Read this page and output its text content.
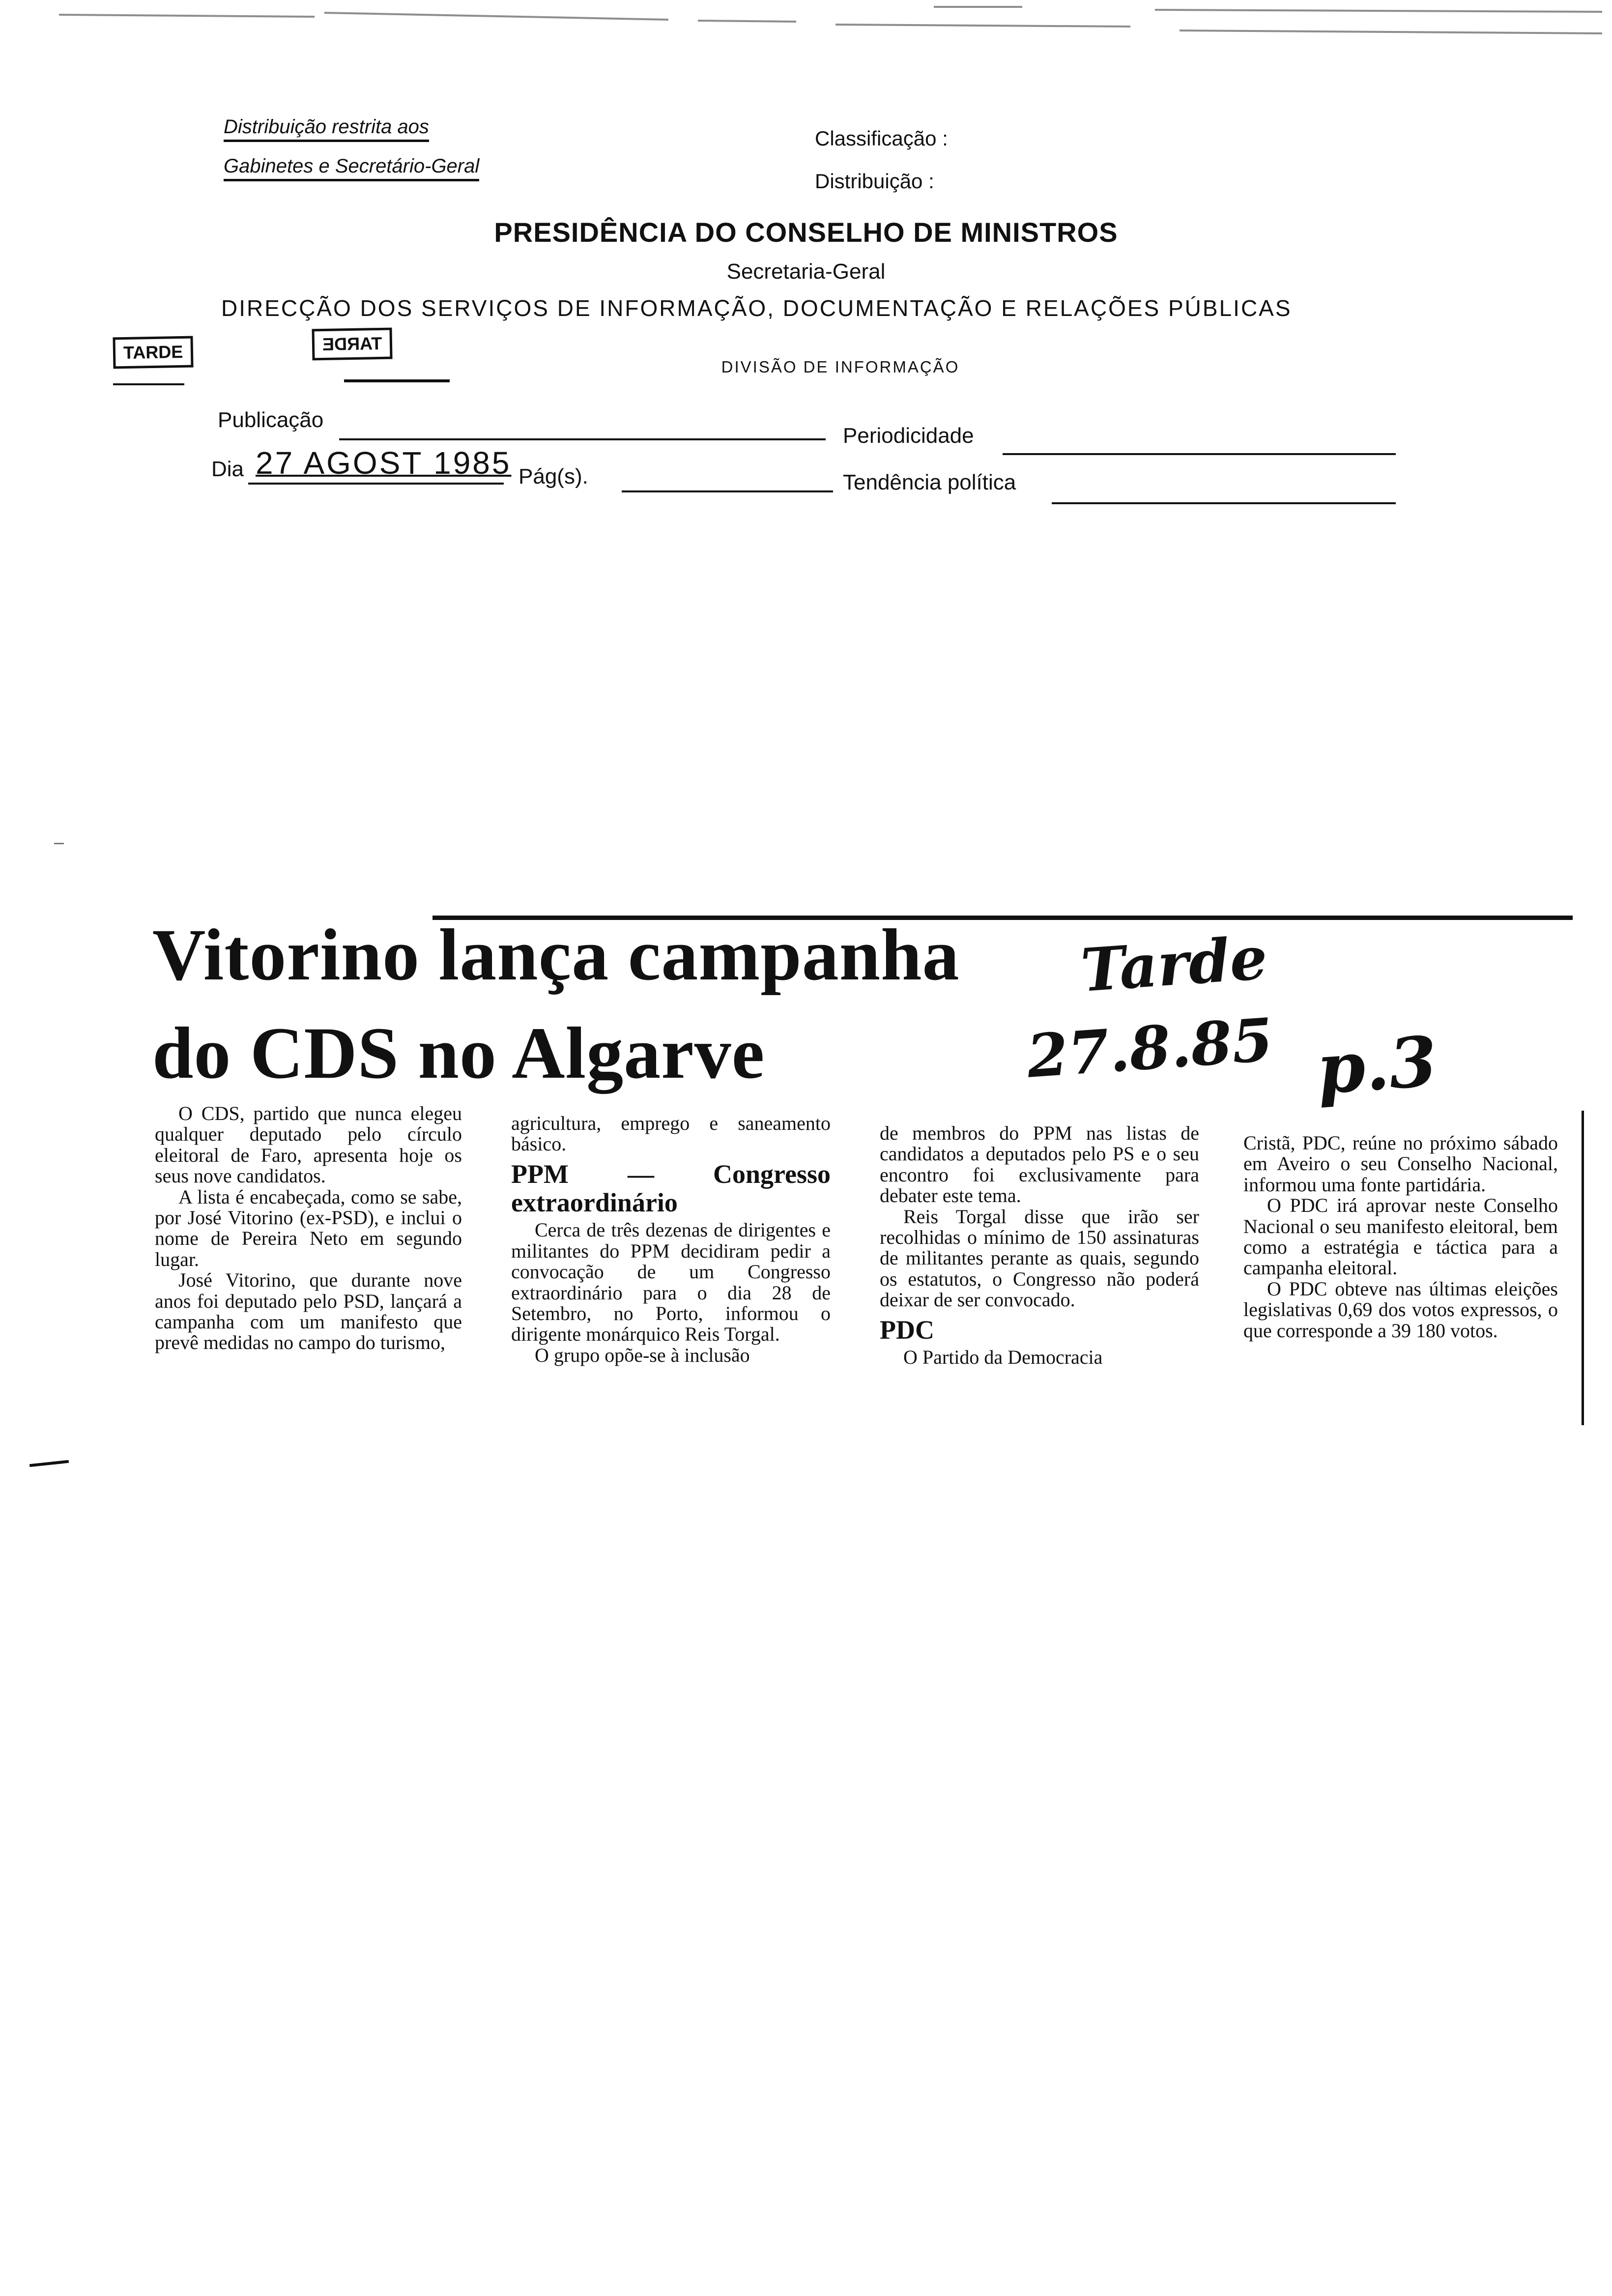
Distribuição restrita aos
Gabinetes e Secretário-Geral
Classificação :
Distribuição :
PRESIDÊNCIA DO CONSELHO DE MINISTROS
Secretaria-Geral
DIRECÇÃO DOS SERVIÇOS DE INFORMAÇÃO, DOCUMENTAÇÃO E RELAÇÕES PÚBLICAS
DIVISÃO DE INFORMAÇÃO
TARDE	TARDE
Publicação
Periodicidade
Dia 27 AGOST 1985 Pág(s).	Tendência política
Vitorino lança campanha
do CDS no Algarve
Tarde
27.8.85 p.3

O CDS, partido que nunca elegeu qualquer deputado pelo círculo eleitoral de Faro, apresenta hoje os seus nove candidatos.

A lista é encabeçada, como se sabe, por José Vitorino (ex-PSD), e inclui o nome de Pereira Neto em segundo lugar.

José Vitorino, que durante nove anos foi deputado pelo PSD, lançará a campanha com um manifesto que prevê medidas no campo do turismo,

agricultura, emprego e saneamento básico.

PPM — Congresso extraordinário

Cerca de três dezenas de dirigentes e militantes do PPM decidiram pedir a convocação de um Congresso extraordinário para o dia 28 de Setembro, no Porto, informou o dirigente monárquico Reis Torgal.

O grupo opõe-se à inclusão

de membros do PPM nas listas de candidatos a deputados pelo PS e o seu encontro foi exclusivamente para debater este tema.

Reis Torgal disse que irão ser recolhidas o mínimo de 150 assinaturas de militantes perante as quais, segundo os estatutos, o Congresso não poderá deixar de ser convocado.

PDC

O Partido da Democracia

Cristã, PDC, reúne no próximo sábado em Aveiro o seu Conselho Nacional, informou uma fonte partidária.

O PDC irá aprovar neste Conselho Nacional o seu manifesto eleitoral, bem como a estratégia e táctica para a campanha eleitoral.

O PDC obteve nas últimas eleições legislativas 0,69 dos votos expressos, o que corresponde a 39 180 votos.
